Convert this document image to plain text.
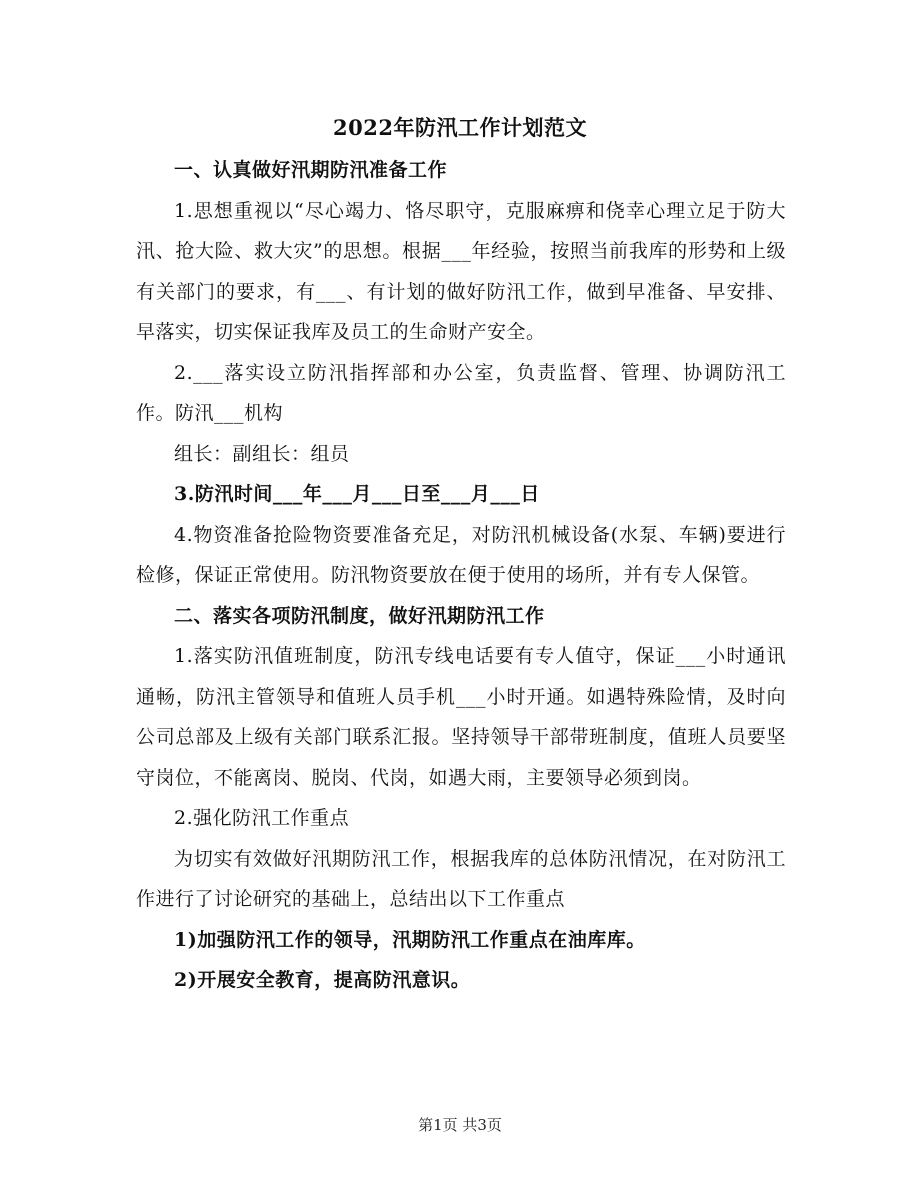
2022年防汛工作计划范文

一、认真做好汛期防汛准备工作

1.思想重视以“尽心竭力、恪尽职守，克服麻痹和侥幸心理立足于防大汛、抢大险、救大灾”的思想。根据___年经验，按照当前我库的形势和上级有关部门的要求，有___、有计划的做好防汛工作，做到早准备、早安排、早落实，切实保证我库及员工的生命财产安全。

2.___落实设立防汛指挥部和办公室，负责监督、管理、协调防汛工作。防汛___机构

组长：副组长：组员

3.防汛时间___年___月___日至___月___日

4.物资准备抢险物资要准备充足，对防汛机械设备(水泵、车辆)要进行检修，保证正常使用。防汛物资要放在便于使用的场所，并有专人保管。

二、落实各项防汛制度，做好汛期防汛工作

1.落实防汛值班制度，防汛专线电话要有专人值守，保证___小时通讯通畅，防汛主管领导和值班人员手机___小时开通。如遇特殊险情，及时向公司总部及上级有关部门联系汇报。坚持领导干部带班制度，值班人员要坚守岗位，不能离岗、脱岗、代岗，如遇大雨，主要领导必须到岗。

2.强化防汛工作重点

为切实有效做好汛期防汛工作，根据我库的总体防汛情况，在对防汛工作进行了讨论研究的基础上，总结出以下工作重点

1)加强防汛工作的领导，汛期防汛工作重点在油库库。

2)开展安全教育，提高防汛意识。

第1页 共3页
